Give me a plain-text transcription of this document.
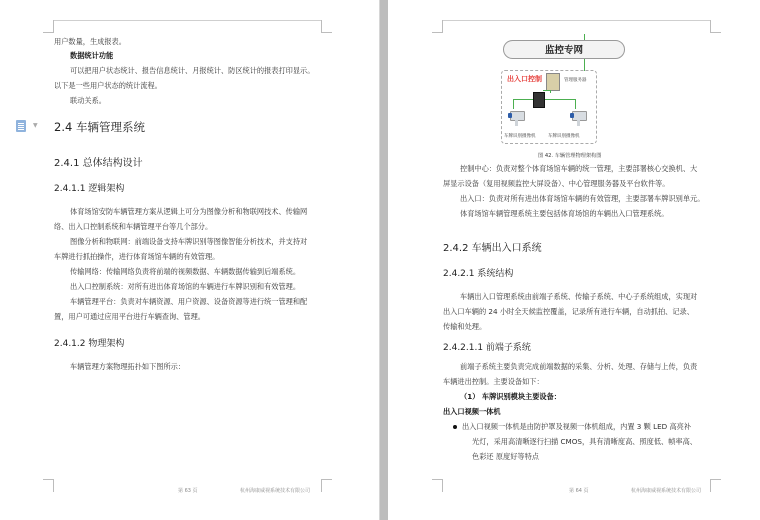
用户数量，生成报表。
数据统计功能
可以把用户状态统计、报告信息统计、月报统计、防区统计的报表打印显示。
以下是一些用户状态的统计流程。
联动关系。
▼ 2.4 车辆管理系统
2.4.1 总体结构设计
2.4.1.1 逻辑架构
体育场馆安防车辆管理方案从逻辑上可分为图像分析和物联网技术、传输网
络、出入口控制系统和车辆管理平台等几个部分。
图像分析和物联网：前端设备支持车牌识别等图像智能分析技术，并支持对
车牌进行抓拍操作，进行体育场馆车辆的有效管理。
传输网络：传输网络负责将前端的视频数据、车辆数据传输到后端系统。
出入口控制系统：对所有进出体育场馆的车辆进行车牌识别和有效管理。
车辆管理平台：负责对车辆资源、用户资源、设备资源等进行统一管理和配
置，用户可通过应用平台进行车辆查询、管理。
2.4.1.2 物理架构
车辆管理方案物理拓扑如下图所示：
第 63 页	杭州海康威视系统技术有限公司
监控专网
出入口控制	管理服务器
车牌识别摄像机	车牌识别摄像机
图 42. 车辆管理物理架构图
控制中心：负责对整个体育场馆车辆的统一管理，主要部署核心交换机、大
屏显示设备（复用视频监控大屏设备）、中心管理服务器及平台软件等。
出入口：负责对所有进出体育场馆车辆的有效管理，主要部署车牌识别单元。
体育场馆车辆管理系统主要包括体育场馆的车辆出入口管理系统。
2.4.2 车辆出入口系统
2.4.2.1 系统结构
车辆出入口管理系统由前端子系统、传输子系统、中心子系统组成，实现对
出入口车辆的 24 小时全天候监控覆盖，记录所有进行车辆，自动抓拍、记录、
传输和处理。
2.4.2.1.1 前端子系统
前端子系统主要负责完成前端数据的采集、分析、处理、存储与上传，负责
车辆进出控制。主要设备如下：
（1） 车牌识别模块主要设备：
出入口视频一体机
出入口视频一体机是由防护罩及视频一体机组成，内置 3 颗 LED 高亮补
光灯，采用高清晰逐行扫描 CMOS，具有清晰度高、照度低、帧率高、
色彩还 原度好等特点
第 64 页	杭州海康威视系统技术有限公司
